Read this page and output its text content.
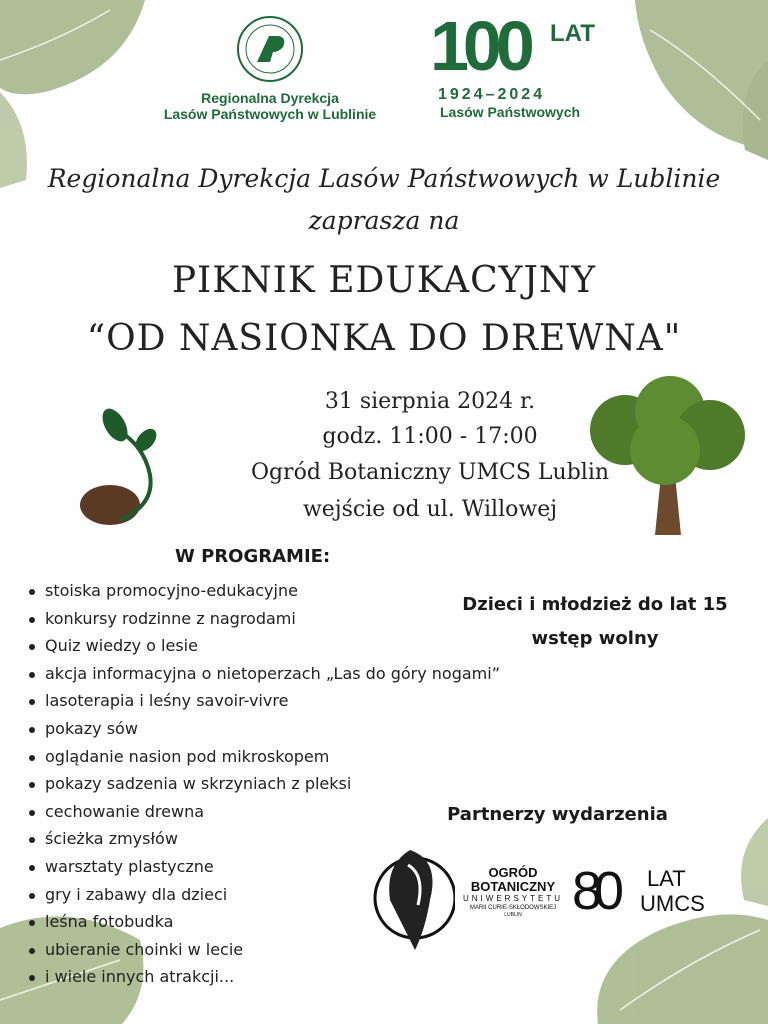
Regionalna Dyrekcja
Lasów Państwowych w Lublinie
100 LAT
1924–2024
Lasów Państwowych
Regionalna Dyrekcja Lasów Państwowych w Lublinie
zaprasza na
PIKNIK EDUKACYJNY
“OD NASIONKA DO DREWNA"
31 sierpnia 2024 r.
godz. 11:00 - 17:00
Ogród Botaniczny UMCS Lublin
wejście od ul. Willowej
W PROGRAMIE:
stoiska promocyjno-edukacyjne
konkursy rodzinne z nagrodami
Quiz wiedzy o lesie
akcja informacyjna o nietoperzach „Las do góry nogami”
lasoterapia i leśny savoir-vivre
pokazy sów
oglądanie nasion pod mikroskopem
pokazy sadzenia w skrzyniach z pleksi
cechowanie drewna
ścieżka zmysłów
warsztaty plastyczne
gry i zabawy dla dzieci
leśna fotobudka
ubieranie choinki w lecie
i wiele innych atrakcji...
Dzieci i młodzież do lat 15
wstęp wolny
Partnerzy wydarzenia
OGRÓD
BOTANICZNY
UNIWERSYTETU
MARII CURIE-SKŁODOWSKIEJ
LUBLIN 80 LAT
UMCS
